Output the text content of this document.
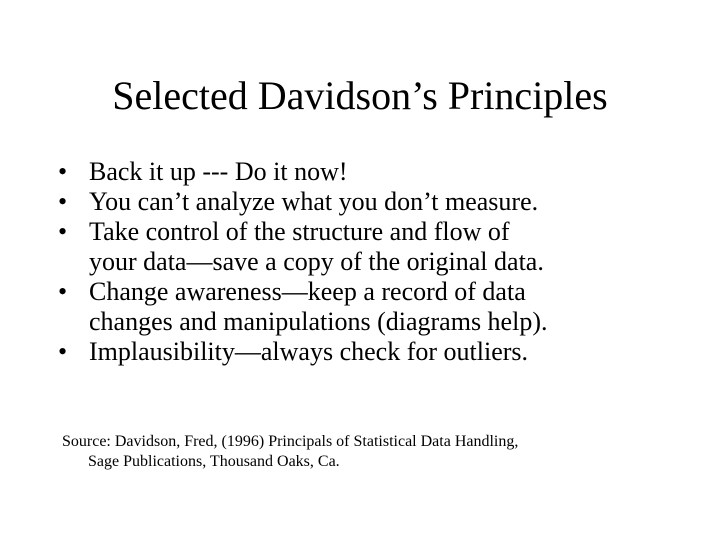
Selected Davidson’s Principles
• Back it up --- Do it now!
• You can’t analyze what you don’t measure.
• Take control of the structure and flow of
your data—save a copy of the original data.
• Change awareness—keep a record of data
changes and manipulations (diagrams help).
• Implausibility—always check for outliers.
Source: Davidson, Fred, (1996) Principals of Statistical Data Handling,
Sage Publications, Thousand Oaks, Ca.
